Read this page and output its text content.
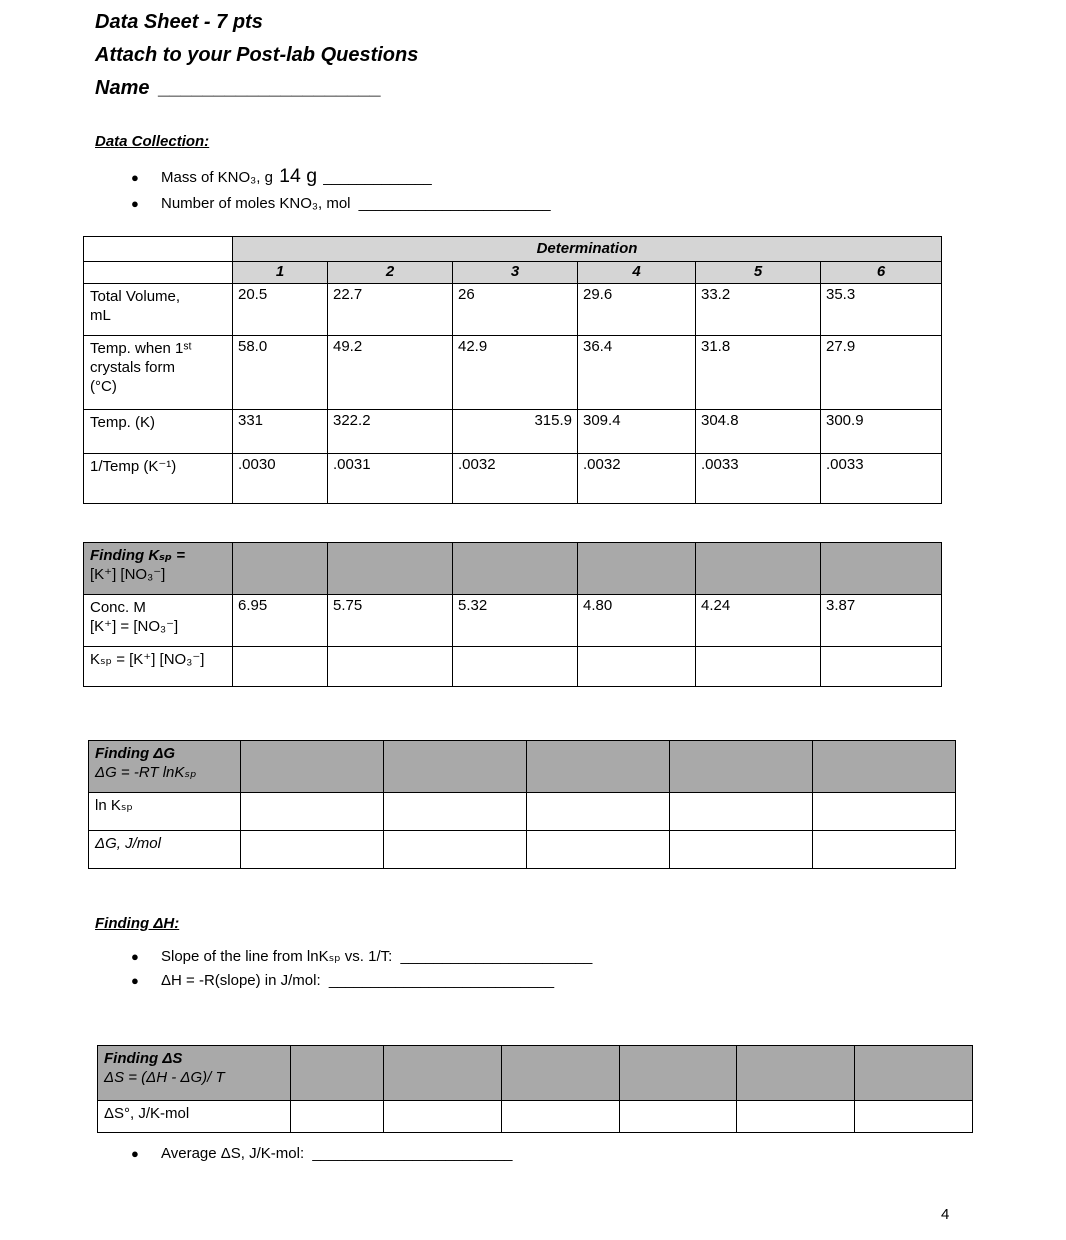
Data Sheet - 7 pts
Attach to your Post-lab Questions
Name ____________________
Data Collection:
●	Mass of KNO₃, g 14 g _____________
●	Number of moles KNO₃, mol _______________________
	Determination					
	1	2	3	4	5	6

Total Volume,
mL	20.5	22.7	26	29.6	33.2	35.3

Temp. when 1ˢᵗ
crystals form
(°C)	58.0	49.2	42.9	36.4	31.8	27.9
Temp. (K)	331	322.2	315.9	309.4	304.8	300.9
1/Temp (K⁻¹)	.0030	.0031	.0032	.0032	.0033	.0033
Finding Kₛₚ =
[K⁺] [NO₃⁻]						

Conc. M
[K⁺] = [NO₃⁻]	6.95	5.75	5.32	4.80	4.24	3.87
Kₛₚ = [K⁺] [NO₃⁻]						
Finding ΔG
ΔG = -RT lnKₛₚ					

ln Kₛₚ					
ΔG, J/mol					
Finding ΔH:
●	Slope of the line from lnKₛₚ vs. 1/T: _______________________
●	ΔH = -R(slope) in J/mol: ___________________________
Finding ΔS
ΔS = (ΔH - ΔG)/ T						

ΔS°, J/K-mol						
●	Average ΔS, J/K-mol: ________________________
4
